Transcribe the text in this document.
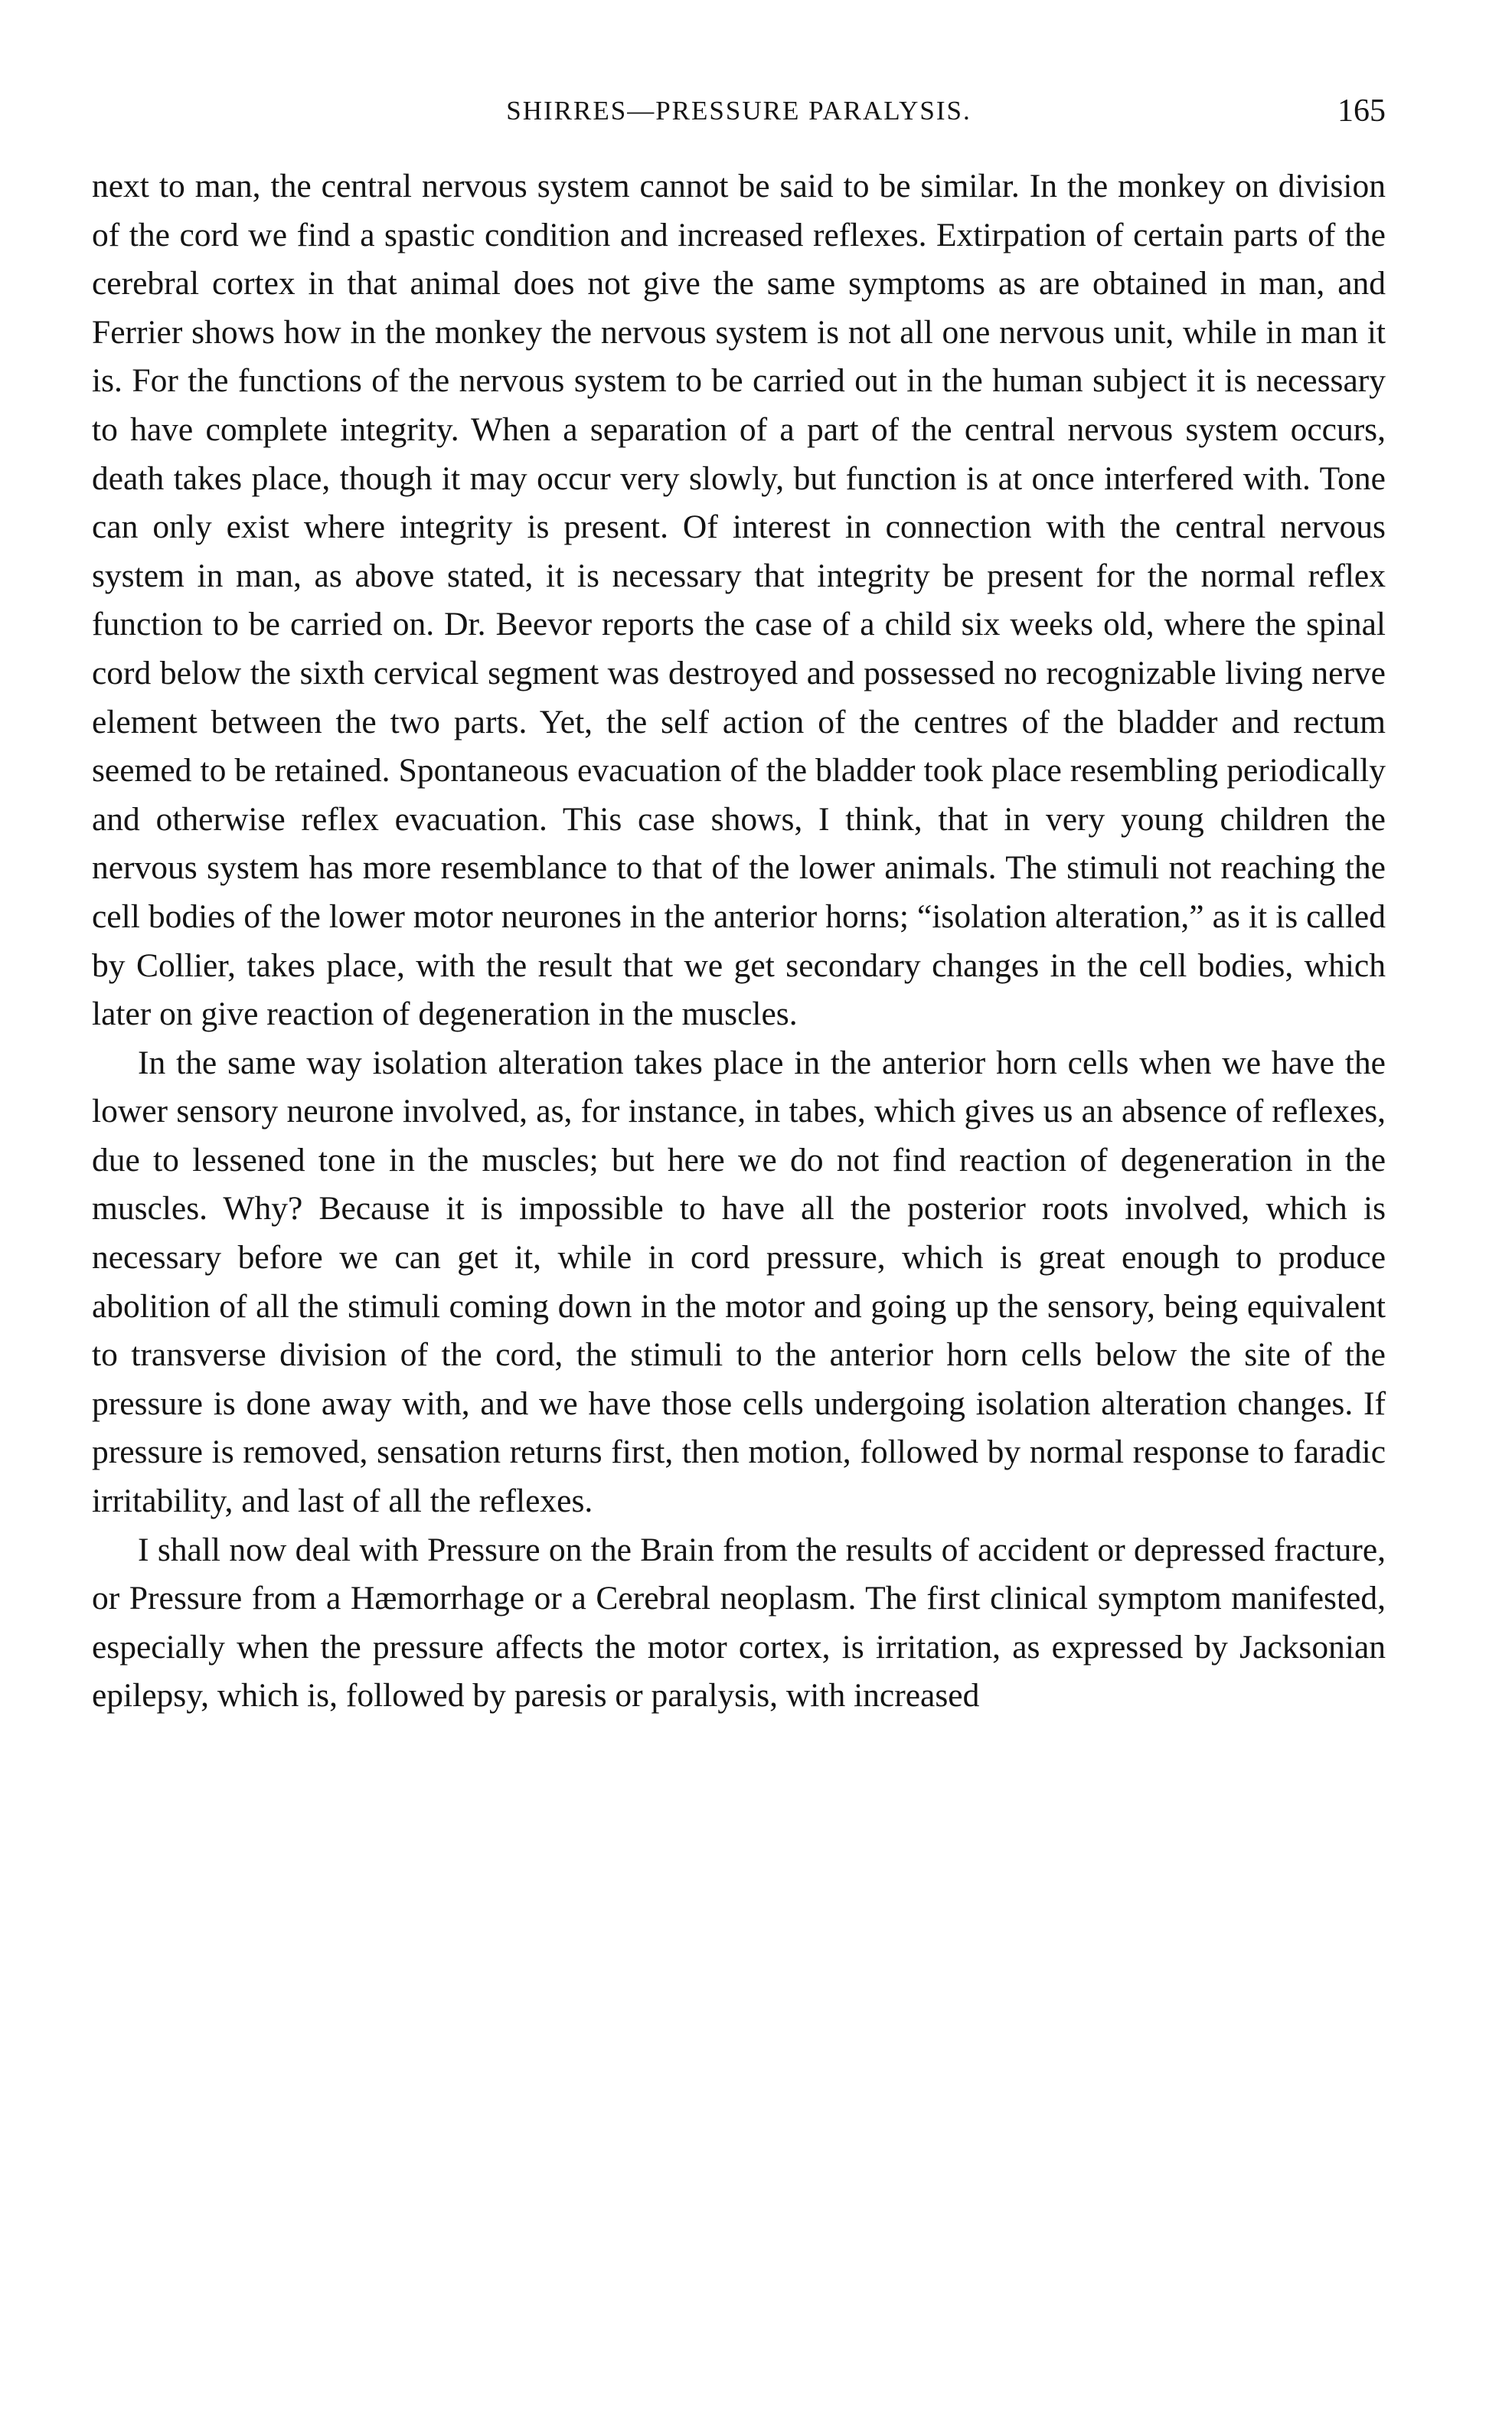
SHIRRES—PRESSURE PARALYSIS.	165

next to man, the central nervous system cannot be said to be similar. In the monkey on division of the cord we find a spastic condition and increased reflexes. Extirpation of certain parts of the cerebral cortex in that animal does not give the same symptoms as are obtained in man, and Ferrier shows how in the monkey the nervous system is not all one nervous unit, while in man it is. For the functions of the nervous system to be carried out in the human subject it is necessary to have complete integrity. When a separation of a part of the central nervous system occurs, death takes place, though it may occur very slowly, but function is at once interfered with. Tone can only exist where integrity is present. Of interest in connection with the central nervous system in man, as above stated, it is necessary that integrity be present for the normal reflex function to be carried on. Dr. Beevor reports the case of a child six weeks old, where the spinal cord below the sixth cervical segment was destroyed and possessed no recognizable living nerve element between the two parts. Yet, the self action of the centres of the bladder and rectum seemed to be retained. Spontaneous evacuation of the bladder took place resembling periodically and otherwise reflex evacuation. This case shows, I think, that in very young children the nervous system has more resemblance to that of the lower animals. The stimuli not reaching the cell bodies of the lower motor neurones in the anterior horns; “isolation alteration,” as it is called by Collier, takes place, with the result that we get secondary changes in the cell bodies, which later on give reaction of degeneration in the muscles.

In the same way isolation alteration takes place in the anterior horn cells when we have the lower sensory neurone involved, as, for instance, in tabes, which gives us an absence of reflexes, due to lessened tone in the muscles; but here we do not find reaction of degeneration in the muscles. Why? Because it is impossible to have all the posterior roots involved, which is necessary before we can get it, while in cord pressure, which is great enough to produce abolition of all the stimuli coming down in the motor and going up the sensory, being equivalent to transverse division of the cord, the stimuli to the anterior horn cells below the site of the pressure is done away with, and we have those cells undergoing isolation alteration changes. If pressure is removed, sensation returns first, then motion, followed by normal response to faradic irritability, and last of all the reflexes.

I shall now deal with Pressure on the Brain from the results of accident or depressed fracture, or Pressure from a Hæmorrhage or a Cerebral neoplasm. The first clinical symptom manifested, especially when the pressure affects the motor cortex, is irritation, as expressed by Jacksonian epilepsy, which is, followed by paresis or paralysis, with increased
